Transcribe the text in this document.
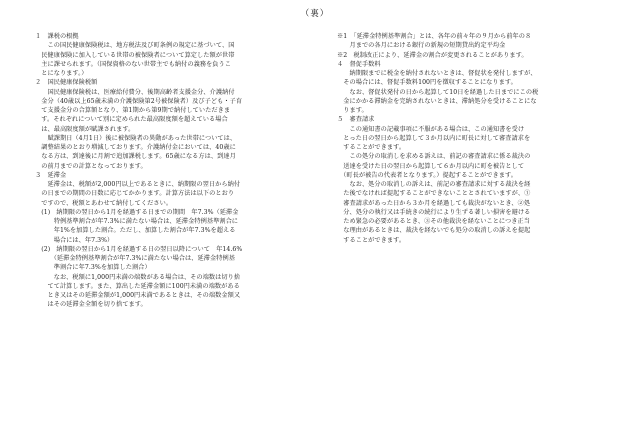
（裏）
１　課税の根拠
　　この国民健康保険税は、地方税法及び町条例の規定に基づいて、国
　民健康保険に加入している世帯の被保険者について算定した額が世帯
　主に課せられます。（国保資格のない世帯主でも納付の義務を負うこ
　とになります。）
２　国民健康保険税額
　　国民健康保険税は、医療給付費分、後期高齢者支援金分、介護納付
　金分（40歳以上65歳未満の介護保険第2号被保険者）及び子ども・子育
　て支援金分の合算額となり、第1期から第9期で納付していただきま
　す。それぞれについて別に定められた最高限度額を超えている場合
　は、最高限度額が賦課されます。
　　賦課期日（4月1日）後に被保険者の異動があった世帯については、
　調整結果のとおり増減しております。介護納付金においては、40歳に
　なる方は、到達後に月割で追加課税します。65歳になる方は、到達月
　の前月までの計算となっております。
３　延滞金
　　延滞金は、税額が2,000円以上であるときに、納期限の翌日から納付
　の日までの期間の日数に応じてかかります。計算方法は以下のとおり
　ですので、税額とあわせて納付してください。
　(1)　納期限の翌日から1月を経過する日までの期間　年7.3%（延滞金
　　　特例基準割合が年7.3%に満たない場合は、延滞金特例基準割合に
　　　年1%を加算した割合。ただし、加算した割合が年7.3%を超える
　　　場合には、年7.3%）
　(2)　納期限の翌日から1月を経過する日の翌日以降について　年14.6%
　　　（延滞金特例基準割合が年7.3%に満たない場合は、延滞金特例基
　　　準割合に年7.3%を加算した割合）
　　　なお、税額に1,000円未満の端数がある場合は、その端数は切り捨
　　てて計算します。また、算出した延滞金額に100円未満の端数がある
　　とき又はその延滞金額が1,000円未満であるときは、その端数金額又
　　はその延滞金全額を切り捨てます。
※1　「延滞金特例基準割合」とは、各年の前々年の９月から前年の８
　　月までの各月における銀行の新規の短期貸出約定平均金
※2　税制改正により、延滞金の割合が変更されることがあります。
４　督促手数料
　　納期限までに税金を納付されないときは、督促状を発付しますが、
　その場合には、督促手数料100円を徴収することになります。
　　なお、督促状発付の日から起算して10日を経過した日までにこの税
　金にかかる滞納金を完納されないときは、滞納処分を受けることにな
　ります。
５　審査請求
　　この通知書の記載事項に不服がある場合は、この通知書を受け
　とった日の翌日から起算して３か月以内に町長に対して審査請求を
　することができます。
　　この処分の取消しを求める訴えは、前記の審査請求に係る裁決の
　送達を受けた日の翌日から起算して６か月以内に町を被告として
　（町長が被告の代表者となります。）提起することができます。
　　なお、処分の取消しの訴えは、前記の審査請求に対する裁決を経
　た後でなければ提起することができないこととされていますが、①
　審査請求があった日から３か月を経過しても裁決がないとき、②処
　分、処分の執行又は手続きの続行により生ずる著しい損害を避ける
　ため緊急の必要があるとき、③その他裁決を経ないことにつき正当
　な理由があるときは、裁決を経ないでも処分の取消しの訴えを提起
　することができます。
